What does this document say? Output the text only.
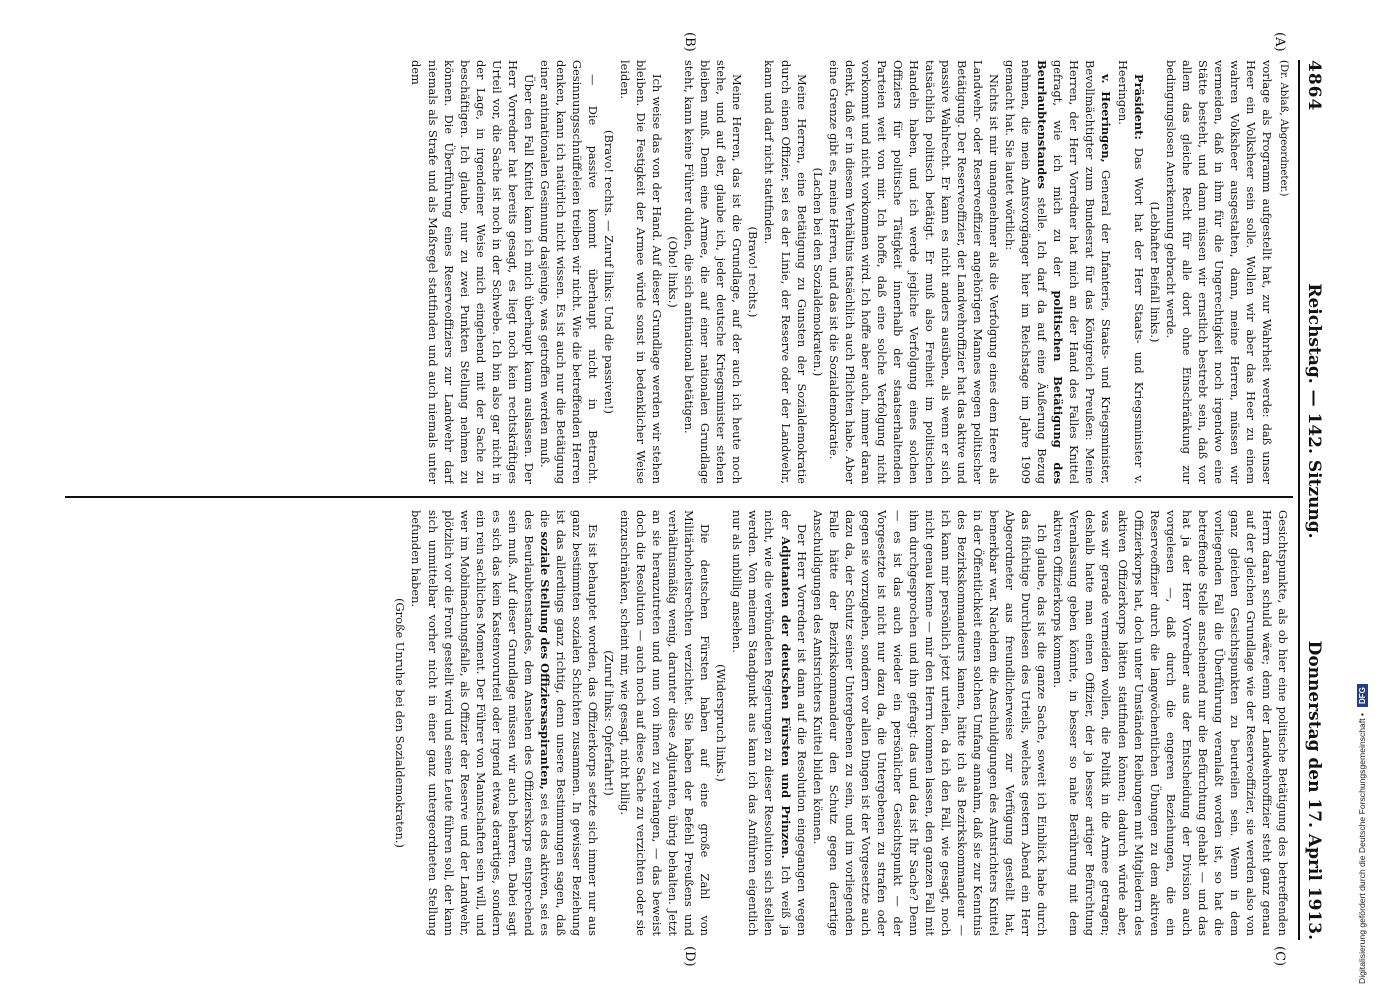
4864
Reichstag. — 142. Sitzung.
Donnerstag den 17. April 1913.
(A)
(B)
(C)
(D)

(Dr. Ablaß, Abgeordneter.)

vorlage als Programm aufgestellt hat, zur Wahrheit werde: daß unser Heer ein Volksheer sein solle. Wollen wir aber das Heer zu einem wahren Volksheer ausgestalten, dann, meine Herren, müssen wir vermeiden, daß in ihm für die Ungerechtigkeit noch irgendwo eine Stätte besteht, und dann müssen wir ernstlich bestrebt sein, daß vor allem das gleiche Recht für alle dort ohne Einschränkung zur bedingungslosen Anerkennung gebracht werde.

(Lebhafter Beifall links.)

Präsident: Das Wort hat der Herr Staats- und Kriegsminister v. Heeringen.

v. Heeringen, General der Infanterie, Staats- und Kriegsminister, Bevollmächtigter zum Bundesrat für das Königreich Preußen: Meine Herren, der Herr Vorredner hat mich an der Hand des Falles Knittel gefragt, wie ich mich zu der politischen Betätigung des Beurlaubtenstandes stelle. Ich darf da auf eine Äußerung Bezug nehmen, die mein Amtsvorgänger hier im Reichstage im Jahre 1909 gemacht hat. Sie lautet wörtlich:

Nichts ist mir unangenehmer als die Verfolgung eines dem Heere als Landwehr- oder Reserveoffizier angehörigen Mannes wegen politischer Betätigung. Der Reserveoffizier, der Landwehroffizier hat das aktive und passive Wahlrecht. Er kann es nicht anders ausüben, als wenn er sich tatsächlich politisch betätigt. Er muß also Freiheit im politischen Handeln haben, und ich werde jegliche Verfolgung eines solchen Offiziers für politische Tätigkeit innerhalb der staatserhaltenden Parteien weit von mir. Ich hoffe, daß eine solche Verfolgung nicht vorkommt und nicht vorkommen wird. Ich hoffe aber auch, immer daran denkt, daß er in diesem Verhältnis tatsächlich auch Pflichten habe. Aber eine Grenze gibt es, meine Herren, und das ist die Sozialdemokratie.

(Lachen bei den Sozialdemokraten.)

Meine Herren, eine Betätigung zu Gunsten der Sozialdemokratie durch einen Offizier, sei es der Linie, der Reserve oder der Landwehr, kann und darf nicht stattfinden.

(Bravo! rechts.)

Meine Herren, das ist die Grundlage, auf der auch ich heute noch stehe, und auf der, glaube ich, jeder deutsche Kriegsminister stehen bleiben muß. Denn eine Armee, die auf einer nationalen Grundlage steht, kann keine Führer dulden, die sich antinational betätigen.

(Oho! links.)

Ich weise das von der Hand. Auf dieser Grundlage werden wir stehen bleiben. Die Festigkeit der Armee würde sonst in bedenklicher Weise leiden.

(Bravo! rechts. — Zuruf links: Und die passiven!)

— Die passive kommt überhaupt nicht in Betracht. Gesinnungsschnüffeleien treiben wir nicht. Wie die betreffenden Herren denken, kann ich natürlich nicht wissen. Es ist auch nur die Betätigung einer antinationalen Gesinnung dasjenige, was getroffen werden muß.

Über den Fall Knittel kann ich mich überhaupt kaum auslassen. Der Herr Vorredner hat bereits gesagt, es liegt noch kein rechtskräftiges Urteil vor, die Sache ist noch in der Schwebe. Ich bin also gar nicht in der Lage, in irgendeiner Weise mich eingehend mit der Sache zu beschäftigen. Ich glaube, nur zu zwei Punkten Stellung nehmen zu können. Die Überführung eines Reserveoffiziers zur Landwehr darf niemals als Strafe und als Maßregel stattfinden und auch niemals unter dem

Gesichtspunkte, als ob hier eine politische Betätigung des betreffenden Herrn daran schuld wäre; denn der Landwehroffizier steht ganz genau auf der gleichen Grundlage wie der Reserveoffizier, sie werden also von ganz gleichen Gesichtspunkten zu beurteilen sein. Wenn in dem vorliegenden Fall die Überführung veranlaßt worden ist, so hat die betreffende Stelle anscheinend nur die Befürchtung gehabt — und das hat ja der Herr Vorredner aus der Entscheidung der Division auch vorgelesen —, daß durch die engeren Beziehungen, die ein Reserveoffizier durch die langwöchentlichen Übungen zu dem aktiven Offizierkorps hat, doch unter Umständen Reibungen mit Mitgliedern des aktiven Offizierkorps hätten stattfinden können; dadurch würde aber, was wir gerade vermeiden wollen, die Politik in die Armee getragen; deshalb hatte man einen Offizier, der ja besser artiger Befürchtung Veranlassung geben könnte, in besser so nahe Berührung mit dem aktiven Offizierkorps kommen.

Ich glaube, das ist die ganze Sache, soweit ich Einblick habe durch das flüchtige Durchlesen des Urteils, welches gestern Abend ein Herr Abgeordneter aus freundlicherweise zur Verfügung gestellt hat, bemerkbar war. Nachdem die Anschuldigungen des Amtsrichters Knittel in der Öffentlichkeit einen solchen Umfang annahm, daß sie zur Kenntnis des Bezirkskommandeurs kamen, hätte ich als Bezirkskommandeur — ich kann mir persönlich jetzt urteilen, da ich den Fall, wie gesagt, noch nicht genau kenne — mir den Herrn kommen lassen, den ganzen Fall mit ihm durchgesprochen und ihn gefragt: das und das ist Ihr Sache? Denn — es ist das auch wieder ein persönlicher Gesichtspunkt — der Vorgesetzte ist nicht nur dazu da, die Untergebenen zu strafen oder gegen sie vorzugehen, sondern vor allen Dingen ist der Vorgesetzte auch dazu da, der Schutz seiner Untergebenen zu sein, und im vorliegenden Falle hätte der Bezirkskommandeur den Schutz gegen derartige Anschuldigungen des Amtsrichters Knittel bilden können.

Der Herr Vorredner ist dann auf die Resolution eingegangen wegen der Adjutanten der deutschen Fürsten und Prinzen. Ich weiß ja nicht, wie die verbündeten Regierungen zu dieser Resolution sich stellen werden. Von meinem Standpunkt aus kann ich das Anführen eigentlich nur als unbillig ansehen.

(Widerspruch links.)

Die deutschen Fürsten haben auf eine große Zahl von Militärhoheitsrechten verzichtet. Sie haben der Befehl Preußens und verhältnismäßig wenig, darunter diese Adjutanten, übrig behalten. Jetzt an sie heranzutreten und nun von ihnen zu verlangen, — das beweist doch die Resolution — auch noch auf diese Sache zu verzichten oder sie einzuschränken, scheint mir, wie gesagt, nicht billig.

(Zuruf links: Opferfahrt!)

Es ist behauptet worden, das Offizierkorps setzte sich immer nur aus ganz bestimmten sozialen Schichten zusammen. In gewisser Beziehung ist das allerdings ganz richtig, denn unsere Bestimmungen sagen, daß die soziale Stellung des Offiziersaspiranten, sei es des aktiven, sei es des Beurlaubtenstandes, dem Ansehen des Offizierskorps entsprechend sein muß. Auf dieser Grundlage müssen wir auch beharren. Dabei sagt es sich das kein Kastenvorurteil oder irgend etwas derartiges, sondern ein rein sachliches Moment. Der Führer von Mannschaften sein will, und wer im Mobilmachungsfalle, als Offizier der Reserve und der Landwehr, plötzlich vor die Front gestellt wird und seine Leute führen soll, der kann sich unmittelbar vorher nicht in einer ganz untergeordneten Stellung befunden haben.

(Große Unruhe bei den Sozialdemokraten.)	Digitalisierung gefördert durch die Deutsche Forschungsgemeinschaft •DFG
